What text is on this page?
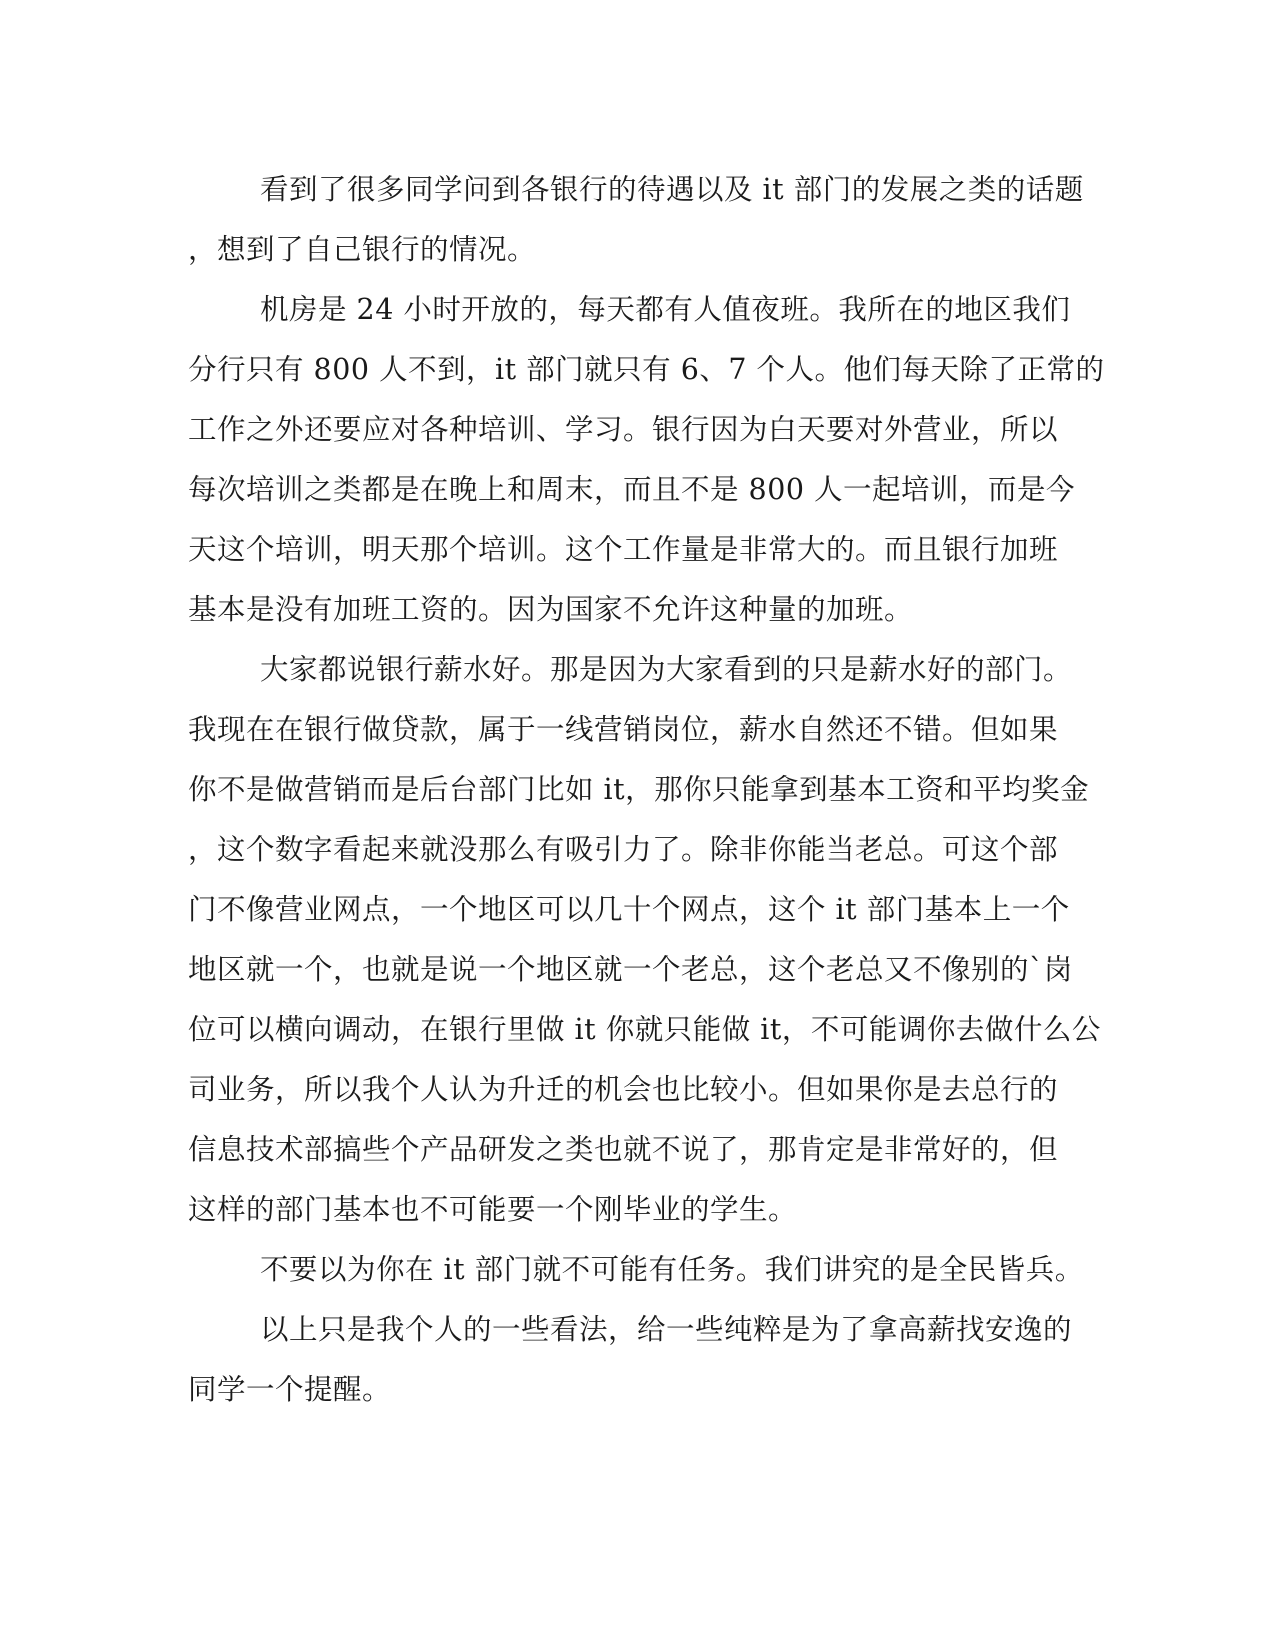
看到了很多同学问到各银行的待遇以及 it 部门的发展之类的话题
，想到了自己银行的情况。
机房是 24 小时开放的，每天都有人值夜班。我所在的地区我们
分行只有 800 人不到，it 部门就只有 6、7 个人。他们每天除了正常的
工作之外还要应对各种培训、学习。银行因为白天要对外营业，所以
每次培训之类都是在晚上和周末，而且不是 800 人一起培训，而是今
天这个培训，明天那个培训。这个工作量是非常大的。而且银行加班
基本是没有加班工资的。因为国家不允许这种量的加班。
大家都说银行薪水好。那是因为大家看到的只是薪水好的部门。
我现在在银行做贷款，属于一线营销岗位，薪水自然还不错。但如果
你不是做营销而是后台部门比如 it，那你只能拿到基本工资和平均奖金
，这个数字看起来就没那么有吸引力了。除非你能当老总。可这个部
门不像营业网点，一个地区可以几十个网点，这个 it 部门基本上一个
地区就一个，也就是说一个地区就一个老总，这个老总又不像别的`岗
位可以横向调动，在银行里做 it 你就只能做 it，不可能调你去做什么公
司业务，所以我个人认为升迁的机会也比较小。但如果你是去总行的
信息技术部搞些个产品研发之类也就不说了，那肯定是非常好的，但
这样的部门基本也不可能要一个刚毕业的学生。
不要以为你在 it 部门就不可能有任务。我们讲究的是全民皆兵。
以上只是我个人的一些看法，给一些纯粹是为了拿高薪找安逸的
同学一个提醒。
